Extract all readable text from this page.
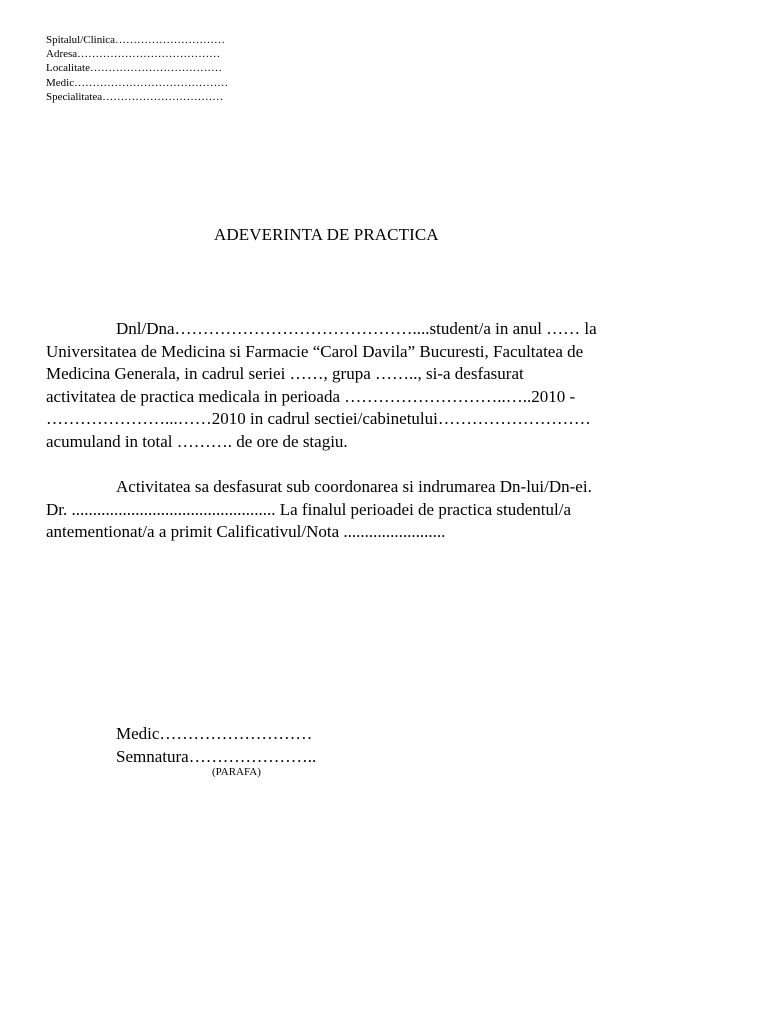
Spitalul/Clinica…………………………
Adresa…………………………………
Localitate………………………………
Medic……………………………………
Specialitatea……………………………
ADEVERINTA DE PRACTICA
Dnl/Dna……………………………………....student/a in anul …… la
Universitatea de Medicina si Farmacie “Carol Davila” Bucuresti, Facultatea de
Medicina Generala, in cadrul seriei ……, grupa …….., si-a desfasurat
activitatea de practica medicala in perioada ………………………..…..2010 -
…………………...……2010 in cadrul sectiei/cabinetului………………………
acumuland in total ………. de ore de stagiu.
Activitatea sa desfasurat sub coordonarea si indrumarea Dn-lui/Dn-ei.
Dr. ................................................ La finalul perioadei de practica studentul/a
antementionat/a a primit Calificativul/Nota ........................
Medic………………………
Semnatura…………………..
(PARAFA)
